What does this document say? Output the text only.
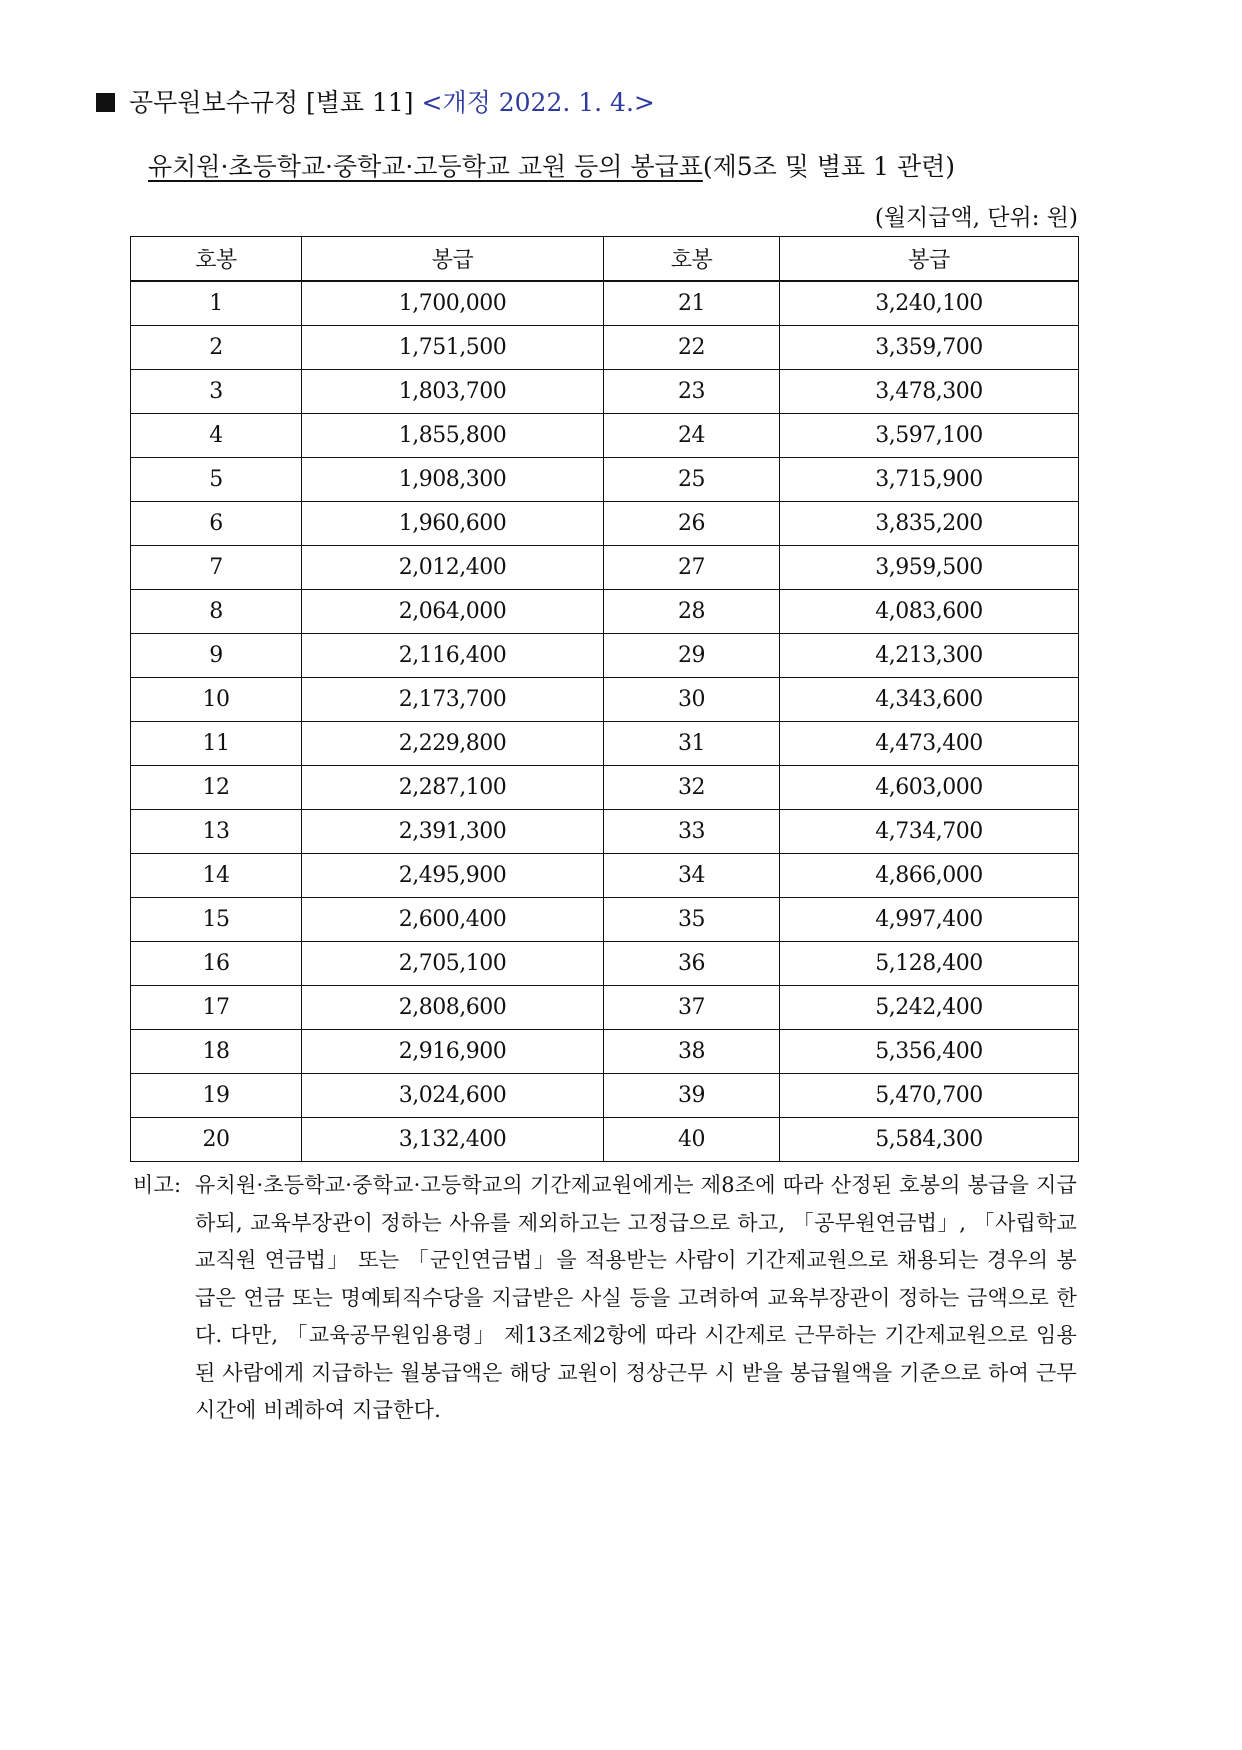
공무원보수규정 [별표 11] <개정 2022. 1. 4.>
유치원·초등학교·중학교·고등학교 교원 등의 봉급표(제5조 및 별표 1 관련)
(월지급액, 단위: 원)
호봉	봉급	호봉	봉급
1	1,700,000	21	3,240,100
2	1,751,500	22	3,359,700
3	1,803,700	23	3,478,300
4	1,855,800	24	3,597,100
5	1,908,300	25	3,715,900
6	1,960,600	26	3,835,200
7	2,012,400	27	3,959,500
8	2,064,000	28	4,083,600
9	2,116,400	29	4,213,300
10	2,173,700	30	4,343,600
11	2,229,800	31	4,473,400
12	2,287,100	32	4,603,000
13	2,391,300	33	4,734,700
14	2,495,900	34	4,866,000
15	2,600,400	35	4,997,400
16	2,705,100	36	5,128,400
17	2,808,600	37	5,242,400
18	2,916,900	38	5,356,400
19	3,024,600	39	5,470,700
20	3,132,400	40	5,584,300
비고: 유치원·초등학교·중학교·고등학교의 기간제교원에게는 제8조에 따라 산정된 호봉의 봉급을 지급하되, 교육부장관이 정하는 사유를 제외하고는 고정급으로 하고, 「공무원연금법」, 「사립학교교직원 연금법」 또는 「군인연금법」을 적용받는 사람이 기간제교원으로 채용되는 경우의 봉급은 연금 또는 명예퇴직수당을 지급받은 사실 등을 고려하여 교육부장관이 정하는 금액으로 한다. 다만, 「교육공무원임용령」 제13조제2항에 따라 시간제로 근무하는 기간제교원으로 임용된 사람에게 지급하는 월봉급액은 해당 교원이 정상근무 시 받을 봉급월액을 기준으로 하여 근무시간에 비례하여 지급한다.
